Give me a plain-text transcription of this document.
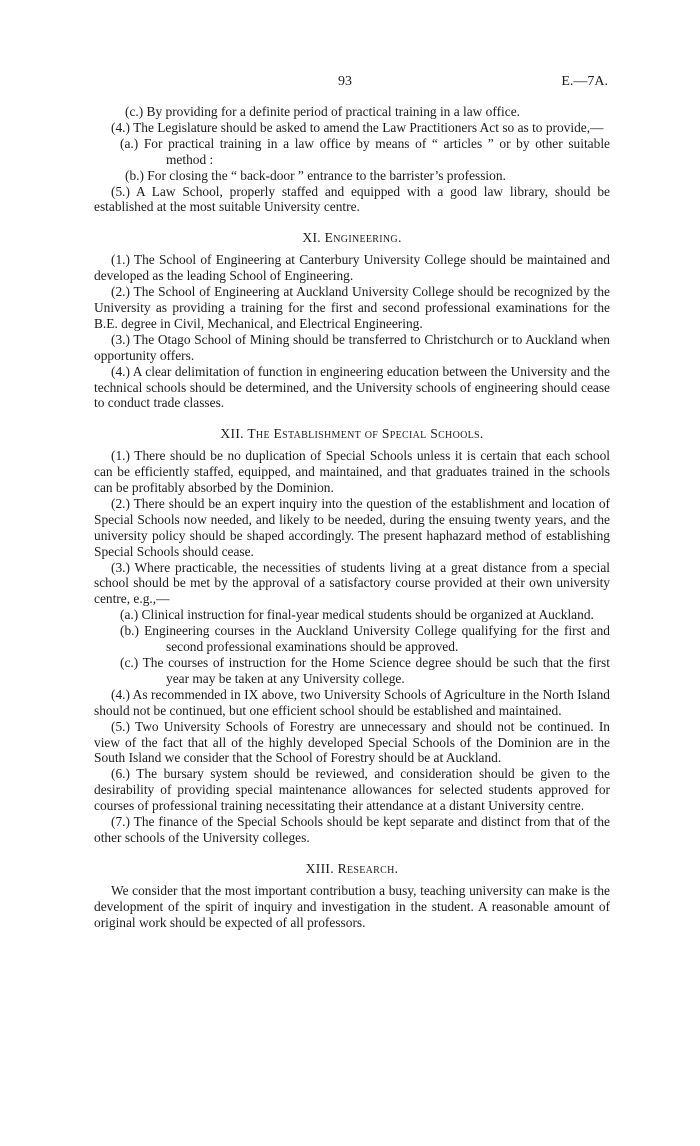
93	E.—7A.

(c.) By providing for a definite period of practical training in a law office.

(4.) The Legislature should be asked to amend the Law Practitioners Act so as to provide,—

(a.) For practical training in a law office by means of “ articles ” or by other suitable method :

(b.) For closing the “ back-door ” entrance to the barrister’s profession.

(5.) A Law School, properly staffed and equipped with a good law library, should be established at the most suitable University centre.

XI. Engineering.

(1.) The School of Engineering at Canterbury University College should be maintained and developed as the leading School of Engineering.

(2.) The School of Engineering at Auckland University College should be recognized by the University as providing a training for the first and second professional examinations for the B.E. degree in Civil, Mechanical, and Electrical Engineering.

(3.) The Otago School of Mining should be transferred to Christchurch or to Auckland when opportunity offers.

(4.) A clear delimitation of function in engineering education between the University and the technical schools should be determined, and the University schools of engineering should cease to conduct trade classes.

XII. The Establishment of Special Schools.

(1.) There should be no duplication of Special Schools unless it is certain that each school can be efficiently staffed, equipped, and maintained, and that graduates trained in the schools can be profitably absorbed by the Dominion.

(2.) There should be an expert inquiry into the question of the establishment and location of Special Schools now needed, and likely to be needed, during the ensuing twenty years, and the university policy should be shaped accordingly. The present haphazard method of establishing Special Schools should cease.

(3.) Where practicable, the necessities of students living at a great distance from a special school should be met by the approval of a satisfactory course provided at their own university centre, e.g.,—

(a.) Clinical instruction for final-year medical students should be organized at Auckland.

(b.) Engineering courses in the Auckland University College qualifying for the first and second professional examinations should be approved.

(c.) The courses of instruction for the Home Science degree should be such that the first year may be taken at any University college.

(4.) As recommended in IX above, two University Schools of Agriculture in the North Island should not be continued, but one efficient school should be established and maintained.

(5.) Two University Schools of Forestry are unnecessary and should not be continued. In view of the fact that all of the highly developed Special Schools of the Dominion are in the South Island we consider that the School of Forestry should be at Auckland.

(6.) The bursary system should be reviewed, and consideration should be given to the desirability of providing special maintenance allowances for selected students approved for courses of professional training necessitating their attendance at a distant University centre.

(7.) The finance of the Special Schools should be kept separate and distinct from that of the other schools of the University colleges.

XIII. Research.

We consider that the most important contribution a busy, teaching university can make is the development of the spirit of inquiry and investigation in the student. A reasonable amount of original work should be expected of all professors.
